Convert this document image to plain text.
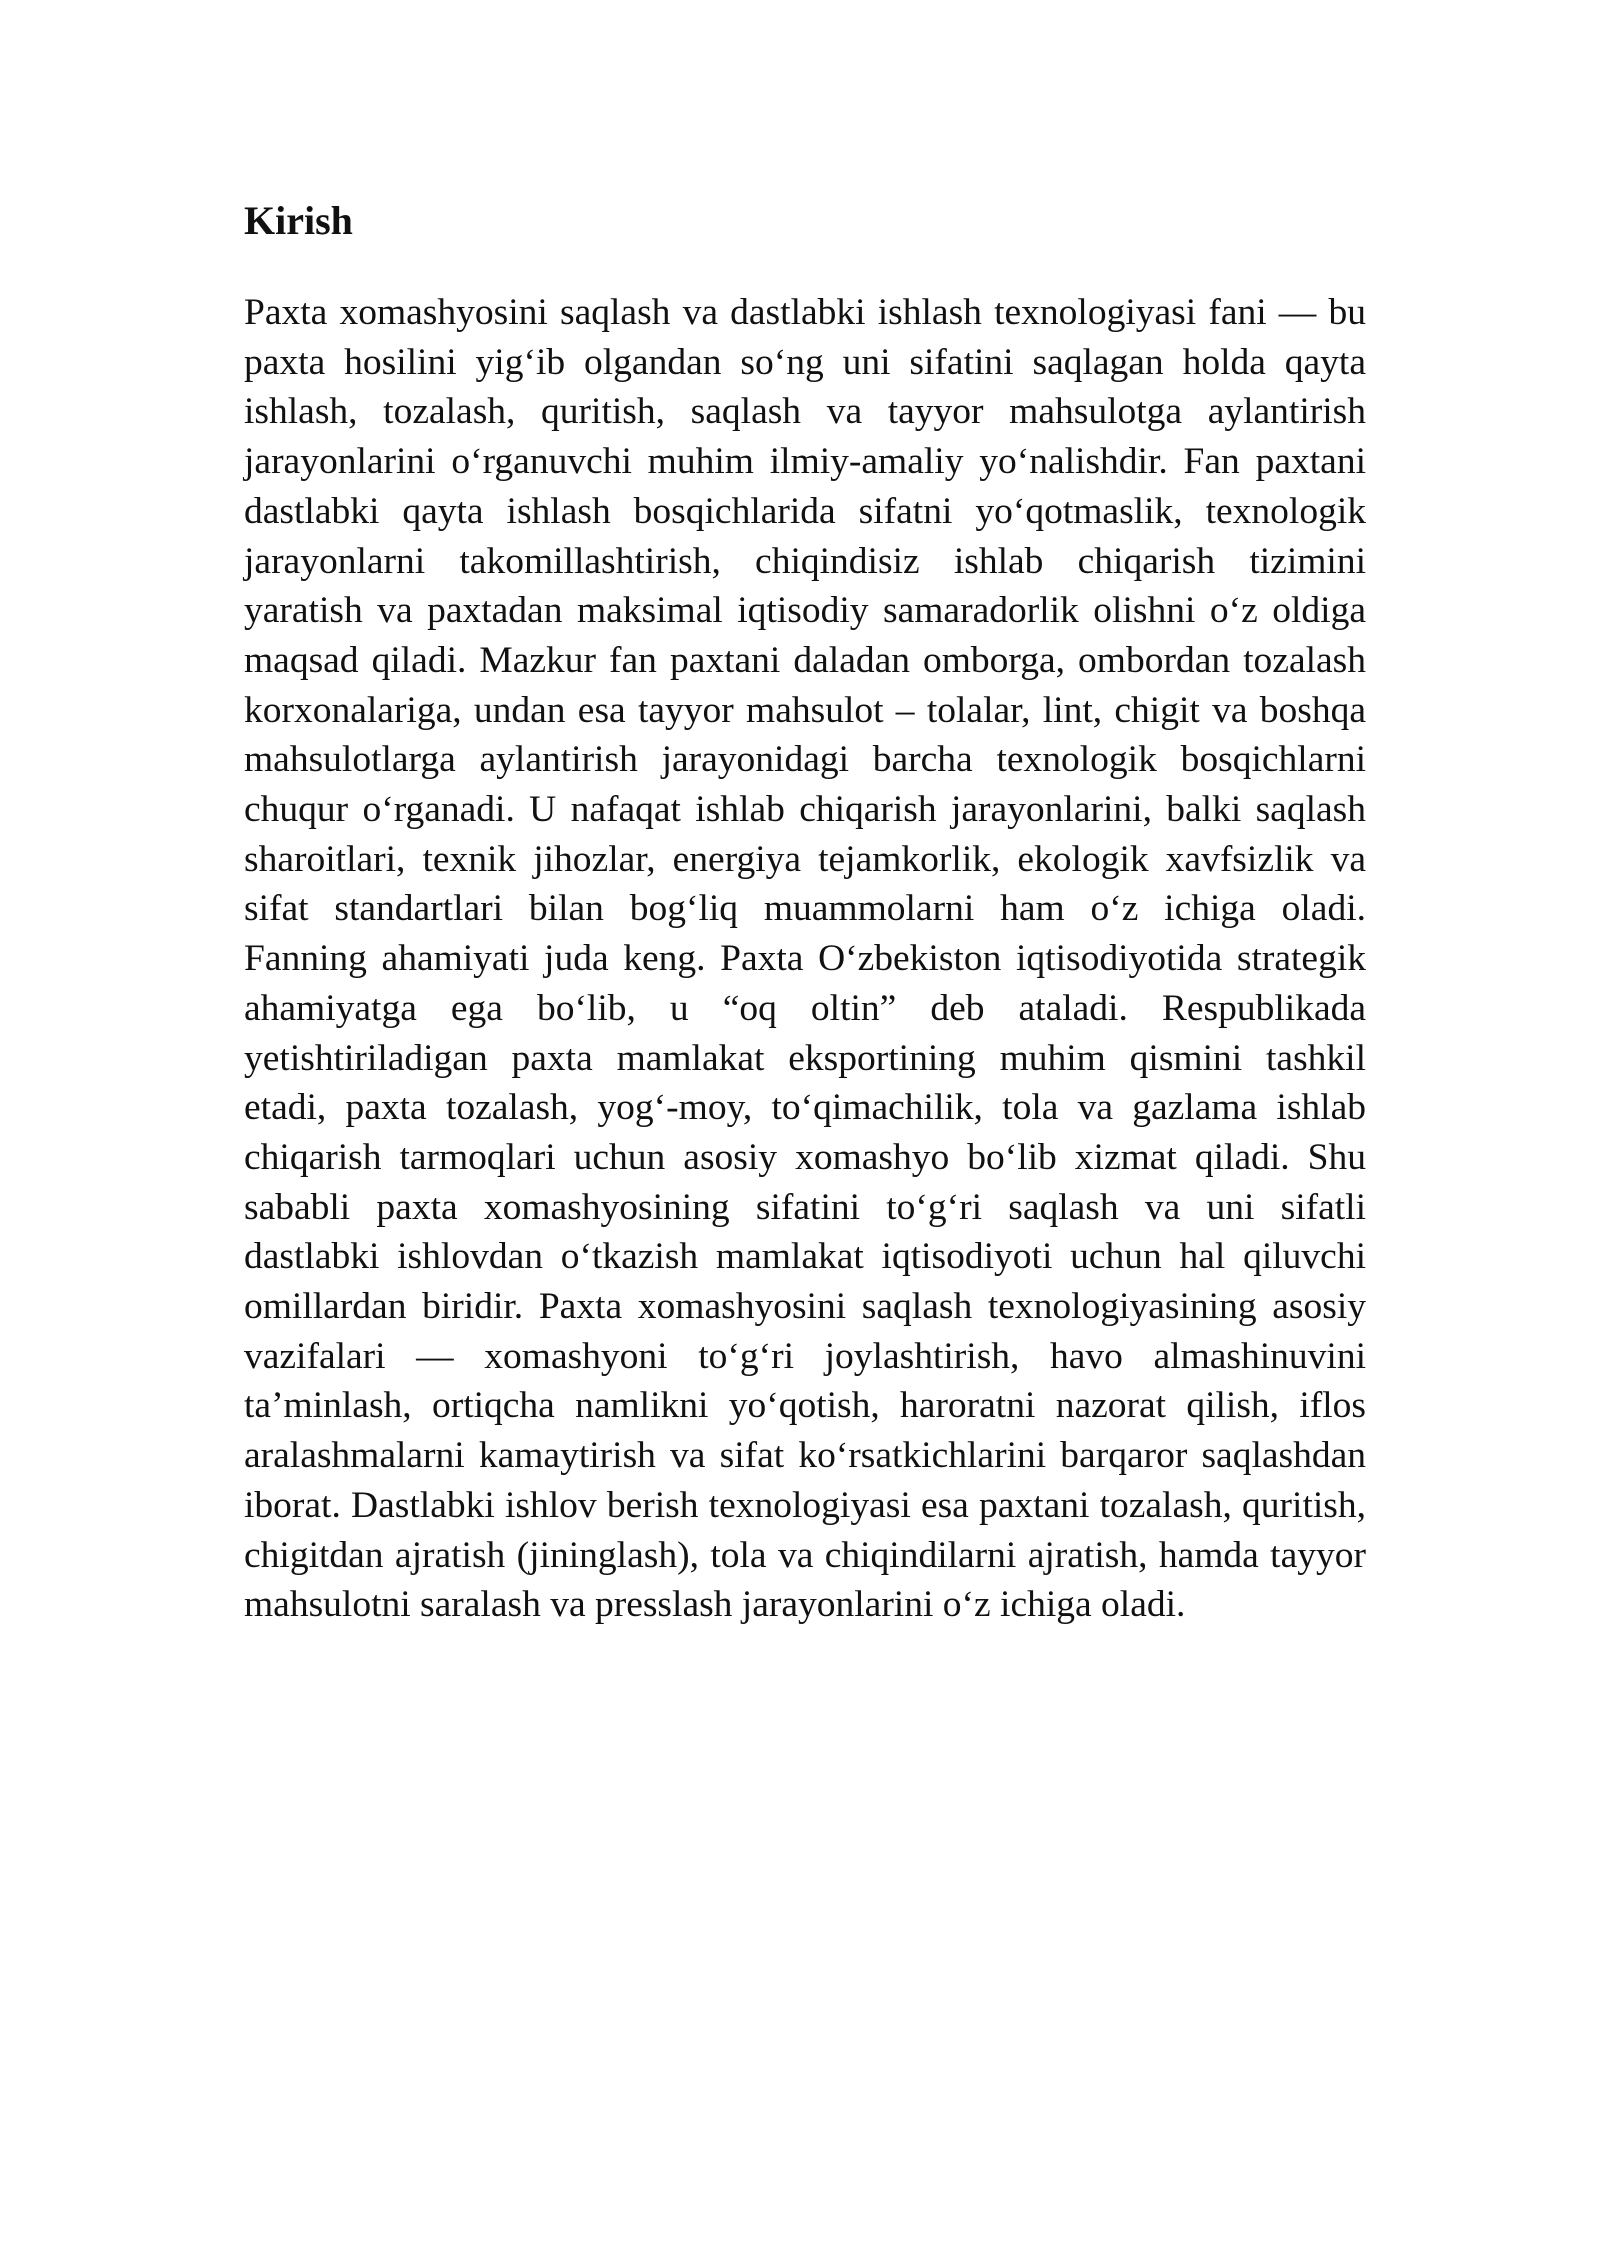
Kirish

Paxta xomashyosini saqlash va dastlabki ishlash texnologiyasi fani — bu paxta hosilini yig‘ib olgandan so‘ng uni sifatini saqlagan holda qayta ishlash, tozalash, quritish, saqlash va tayyor mahsulotga aylantirish jarayonlarini o‘rganuvchi muhim ilmiy-amaliy yo‘nalishdir. Fan paxtani dastlabki qayta ishlash bosqichlarida sifatni yo‘qotmaslik, texnologik jarayonlarni takomillashtirish, chiqindisiz ishlab chiqarish tizimini yaratish va paxtadan maksimal iqtisodiy samaradorlik olishni o‘z oldiga maqsad qiladi. Mazkur fan paxtani daladan omborga, ombordan tozalash korxonalariga, undan esa tayyor mahsulot – tolalar, lint, chigit va boshqa mahsulotlarga aylantirish jarayonidagi barcha texnologik bosqichlarni chuqur o‘rganadi. U nafaqat ishlab chiqarish jarayonlarini, balki saqlash sharoitlari, texnik jihozlar, energiya tejamkorlik, ekologik xavfsizlik va sifat standartlari bilan bog‘liq muammolarni ham o‘z ichiga oladi. Fanning ahamiyati juda keng. Paxta O‘zbekiston iqtisodiyotida strategik ahamiyatga ega bo‘lib, u “oq oltin” deb ataladi. Respublikada yetishtiriladigan paxta mamlakat eksportining muhim qismini tashkil etadi, paxta tozalash, yog‘-moy, to‘qimachilik, tola va gazlama ishlab chiqarish tarmoqlari uchun asosiy xomashyo bo‘lib xizmat qiladi. Shu sababli paxta xomashyosining sifatini to‘g‘ri saqlash va uni sifatli dastlabki ishlovdan o‘tkazish mamlakat iqtisodiyoti uchun hal qiluvchi omillardan biridir. Paxta xomashyosini saqlash texnologiyasining asosiy vazifalari — xomashyoni to‘g‘ri joylashtirish, havo almashinuvini ta’minlash, ortiqcha namlikni yo‘qotish, haroratni nazorat qilish, iflos aralashmalarni kamaytirish va sifat ko‘rsatkichlarini barqaror saqlashdan iborat. Dastlabki ishlov berish texnologiyasi esa paxtani tozalash, quritish, chigitdan ajratish (jininglash), tola va chiqindilarni ajratish, hamda tayyor mahsulotni saralash va presslash jarayonlarini o‘z ichiga oladi.
